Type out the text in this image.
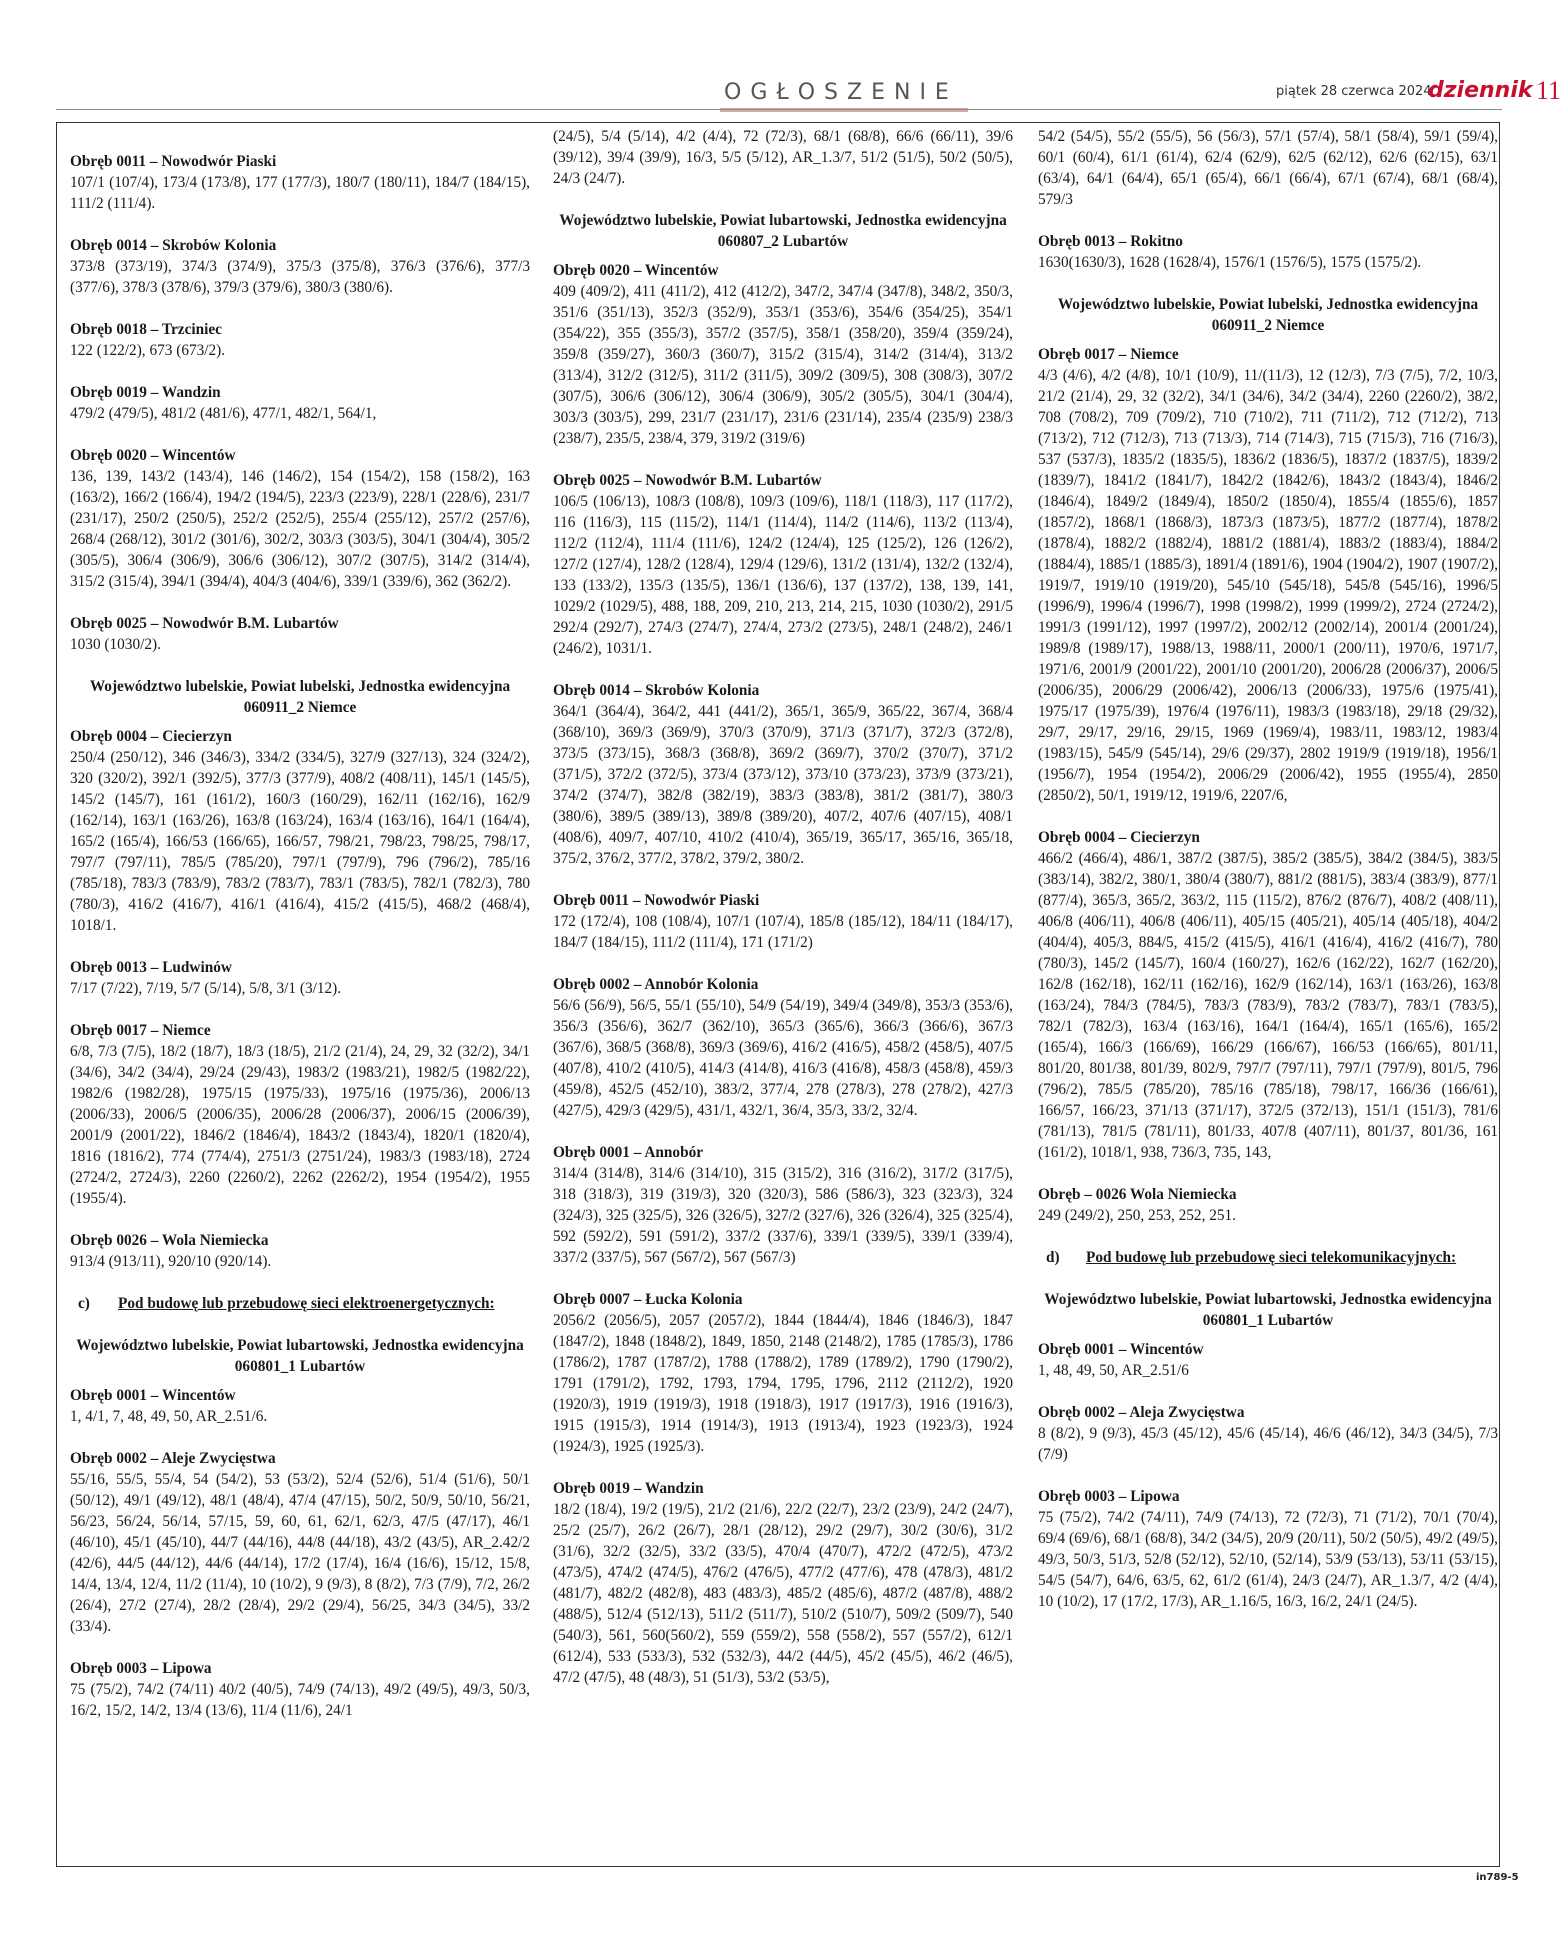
OGŁOSZENIE	piątek 28 czerwca 2024
dziennik 11
Obręb 0011 – Nowodwór Piaski
107/1 (107/4), 173/4 (173/8), 177 (177/3), 180/7 (180/11), 184/7 (184/15), 111/2 (111/4).
Obręb 0014 – Skrobów Kolonia
373/8 (373/19), 374/3 (374/9), 375/3 (375/8), 376/3 (376/6), 377/3 (377/6), 378/3 (378/6), 379/3 (379/6), 380/3 (380/6).
Obręb 0018 – Trzciniec
122 (122/2), 673 (673/2).
Obręb 0019 – Wandzin
479/2 (479/5), 481/2 (481/6), 477/1, 482/1, 564/1,
Obręb 0020 – Wincentów
136, 139, 143/2 (143/4), 146 (146/2), 154 (154/2), 158 (158/2), 163 (163/2), 166/2 (166/4), 194/2 (194/5), 223/3 (223/9), 228/1 (228/6), 231/7 (231/17), 250/2 (250/5), 252/2 (252/5), 255/4 (255/12), 257/2 (257/6), 268/4 (268/12), 301/2 (301/6), 302/2, 303/3 (303/5), 304/1 (304/4), 305/2 (305/5), 306/4 (306/9), 306/6 (306/12), 307/2 (307/5), 314/2 (314/4), 315/2 (315/4), 394/1 (394/4), 404/3 (404/6), 339/1 (339/6), 362 (362/2).
Obręb 0025 – Nowodwór B.M. Lubartów
1030 (1030/2).
Województwo lubelskie, Powiat lubelski, Jednostka ewidencyjna 060911_2 Niemce
Obręb 0004 – Ciecierzyn
250/4 (250/12), 346 (346/3), 334/2 (334/5), 327/9 (327/13), 324 (324/2), 320 (320/2), 392/1 (392/5), 377/3 (377/9), 408/2 (408/11), 145/1 (145/5), 145/2 (145/7), 161 (161/2), 160/3 (160/29), 162/11 (162/16), 162/9 (162/14), 163/1 (163/26), 163/8 (163/24), 163/4 (163/16), 164/1 (164/4), 165/2 (165/4), 166/53 (166/65), 166/57, 798/21, 798/23, 798/25, 798/17, 797/7 (797/11), 785/5 (785/20), 797/1 (797/9), 796 (796/2), 785/16 (785/18), 783/3 (783/9), 783/2 (783/7), 783/1 (783/5), 782/1 (782/3), 780 (780/3), 416/2 (416/7), 416/1 (416/4), 415/2 (415/5), 468/2 (468/4), 1018/1.
Obręb 0013 – Ludwinów
7/17 (7/22), 7/19, 5/7 (5/14), 5/8, 3/1 (3/12).
Obręb 0017 – Niemce
6/8, 7/3 (7/5), 18/2 (18/7), 18/3 (18/5), 21/2 (21/4), 24, 29, 32 (32/2), 34/1 (34/6), 34/2 (34/4), 29/24 (29/43), 1983/2 (1983/21), 1982/5 (1982/22), 1982/6 (1982/28), 1975/15 (1975/33), 1975/16 (1975/36), 2006/13 (2006/33), 2006/5 (2006/35), 2006/28 (2006/37), 2006/15 (2006/39), 2001/9 (2001/22), 1846/2 (1846/4), 1843/2 (1843/4), 1820/1 (1820/4), 1816 (1816/2), 774 (774/4), 2751/3 (2751/24), 1983/3 (1983/18), 2724 (2724/2, 2724/3), 2260 (2260/2), 2262 (2262/2), 1954 (1954/2), 1955 (1955/4).
Obręb 0026 – Wola Niemiecka
913/4 (913/11), 920/10 (920/14).
c)	Pod budowę lub przebudowę sieci elektroenergetycznych:
Województwo lubelskie, Powiat lubartowski, Jednostka ewidencyjna 060801_1 Lubartów
Obręb 0001 – Wincentów
1, 4/1, 7, 48, 49, 50, AR_2.51/6.
Obręb 0002 – Aleje Zwycięstwa
55/16, 55/5, 55/4, 54 (54/2), 53 (53/2), 52/4 (52/6), 51/4 (51/6), 50/1 (50/12), 49/1 (49/12), 48/1 (48/4), 47/4 (47/15), 50/2, 50/9, 50/10, 56/21, 56/23, 56/24, 56/14, 57/15, 59, 60, 61, 62/1, 62/3, 47/5 (47/17), 46/1 (46/10), 45/1 (45/10), 44/7 (44/16), 44/8 (44/18), 43/2 (43/5), AR_2.42/2 (42/6), 44/5 (44/12), 44/6 (44/14), 17/2 (17/4), 16/4 (16/6), 15/12, 15/8, 14/4, 13/4, 12/4, 11/2 (11/4), 10 (10/2), 9 (9/3), 8 (8/2), 7/3 (7/9), 7/2, 26/2 (26/4), 27/2 (27/4), 28/2 (28/4), 29/2 (29/4), 56/25, 34/3 (34/5), 33/2 (33/4).
Obręb 0003 – Lipowa
75 (75/2), 74/2 (74/11) 40/2 (40/5), 74/9 (74/13), 49/2 (49/5), 49/3, 50/3, 16/2, 15/2, 14/2, 13/4 (13/6), 11/4 (11/6), 24/1
(24/5), 5/4 (5/14), 4/2 (4/4), 72 (72/3), 68/1 (68/8), 66/6 (66/11), 39/6 (39/12), 39/4 (39/9), 16/3, 5/5 (5/12), AR_1.3/7, 51/2 (51/5), 50/2 (50/5), 24/3 (24/7).
Województwo lubelskie, Powiat lubartowski, Jednostka ewidencyjna 060807_2 Lubartów
Obręb 0020 – Wincentów
409 (409/2), 411 (411/2), 412 (412/2), 347/2, 347/4 (347/8), 348/2, 350/3, 351/6 (351/13), 352/3 (352/9), 353/1 (353/6), 354/6 (354/25), 354/1 (354/22), 355 (355/3), 357/2 (357/5), 358/1 (358/20), 359/4 (359/24), 359/8 (359/27), 360/3 (360/7), 315/2 (315/4), 314/2 (314/4), 313/2 (313/4), 312/2 (312/5), 311/2 (311/5), 309/2 (309/5), 308 (308/3), 307/2 (307/5), 306/6 (306/12), 306/4 (306/9), 305/2 (305/5), 304/1 (304/4), 303/3 (303/5), 299, 231/7 (231/17), 231/6 (231/14), 235/4 (235/9) 238/3 (238/7), 235/5, 238/4, 379, 319/2 (319/6)
Obręb 0025 – Nowodwór B.M. Lubartów
106/5 (106/13), 108/3 (108/8), 109/3 (109/6), 118/1 (118/3), 117 (117/2), 116 (116/3), 115 (115/2), 114/1 (114/4), 114/2 (114/6), 113/2 (113/4), 112/2 (112/4), 111/4 (111/6), 124/2 (124/4), 125 (125/2), 126 (126/2), 127/2 (127/4), 128/2 (128/4), 129/4 (129/6), 131/2 (131/4), 132/2 (132/4), 133 (133/2), 135/3 (135/5), 136/1 (136/6), 137 (137/2), 138, 139, 141, 1029/2 (1029/5), 488, 188, 209, 210, 213, 214, 215, 1030 (1030/2), 291/5 292/4 (292/7), 274/3 (274/7), 274/4, 273/2 (273/5), 248/1 (248/2), 246/1 (246/2), 1031/1.
Obręb 0014 – Skrobów Kolonia
364/1 (364/4), 364/2, 441 (441/2), 365/1, 365/9, 365/22, 367/4, 368/4 (368/10), 369/3 (369/9), 370/3 (370/9), 371/3 (371/7), 372/3 (372/8), 373/5 (373/15), 368/3 (368/8), 369/2 (369/7), 370/2 (370/7), 371/2 (371/5), 372/2 (372/5), 373/4 (373/12), 373/10 (373/23), 373/9 (373/21), 374/2 (374/7), 382/8 (382/19), 383/3 (383/8), 381/2 (381/7), 380/3 (380/6), 389/5 (389/13), 389/8 (389/20), 407/2, 407/6 (407/15), 408/1 (408/6), 409/7, 407/10, 410/2 (410/4), 365/19, 365/17, 365/16, 365/18, 375/2, 376/2, 377/2, 378/2, 379/2, 380/2.
Obręb 0011 – Nowodwór Piaski
172 (172/4), 108 (108/4), 107/1 (107/4), 185/8 (185/12), 184/11 (184/17), 184/7 (184/15), 111/2 (111/4), 171 (171/2)
Obręb 0002 – Annobór Kolonia
56/6 (56/9), 56/5, 55/1 (55/10), 54/9 (54/19), 349/4 (349/8), 353/3 (353/6), 356/3 (356/6), 362/7 (362/10), 365/3 (365/6), 366/3 (366/6), 367/3 (367/6), 368/5 (368/8), 369/3 (369/6), 416/2 (416/5), 458/2 (458/5), 407/5 (407/8), 410/2 (410/5), 414/3 (414/8), 416/3 (416/8), 458/3 (458/8), 459/3 (459/8), 452/5 (452/10), 383/2, 377/4, 278 (278/3), 278 (278/2), 427/3 (427/5), 429/3 (429/5), 431/1, 432/1, 36/4, 35/3, 33/2, 32/4.
Obręb 0001 – Annobór
314/4 (314/8), 314/6 (314/10), 315 (315/2), 316 (316/2), 317/2 (317/5), 318 (318/3), 319 (319/3), 320 (320/3), 586 (586/3), 323 (323/3), 324 (324/3), 325 (325/5), 326 (326/5), 327/2 (327/6), 326 (326/4), 325 (325/4), 592 (592/2), 591 (591/2), 337/2 (337/6), 339/1 (339/5), 339/1 (339/4), 337/2 (337/5), 567 (567/2), 567 (567/3)
Obręb 0007 – Łucka Kolonia
2056/2 (2056/5), 2057 (2057/2), 1844 (1844/4), 1846 (1846/3), 1847 (1847/2), 1848 (1848/2), 1849, 1850, 2148 (2148/2), 1785 (1785/3), 1786 (1786/2), 1787 (1787/2), 1788 (1788/2), 1789 (1789/2), 1790 (1790/2), 1791 (1791/2), 1792, 1793, 1794, 1795, 1796, 2112 (2112/2), 1920 (1920/3), 1919 (1919/3), 1918 (1918/3), 1917 (1917/3), 1916 (1916/3), 1915 (1915/3), 1914 (1914/3), 1913 (1913/4), 1923 (1923/3), 1924 (1924/3), 1925 (1925/3).
Obręb 0019 – Wandzin
18/2 (18/4), 19/2 (19/5), 21/2 (21/6), 22/2 (22/7), 23/2 (23/9), 24/2 (24/7), 25/2 (25/7), 26/2 (26/7), 28/1 (28/12), 29/2 (29/7), 30/2 (30/6), 31/2 (31/6), 32/2 (32/5), 33/2 (33/5), 470/4 (470/7), 472/2 (472/5), 473/2 (473/5), 474/2 (474/5), 476/2 (476/5), 477/2 (477/6), 478 (478/3), 481/2 (481/7), 482/2 (482/8), 483 (483/3), 485/2 (485/6), 487/2 (487/8), 488/2 (488/5), 512/4 (512/13), 511/2 (511/7), 510/2 (510/7), 509/2 (509/7), 540 (540/3), 561, 560(560/2), 559 (559/2), 558 (558/2), 557 (557/2), 612/1 (612/4), 533 (533/3), 532 (532/3), 44/2 (44/5), 45/2 (45/5), 46/2 (46/5), 47/2 (47/5), 48 (48/3), 51 (51/3), 53/2 (53/5),
54/2 (54/5), 55/2 (55/5), 56 (56/3), 57/1 (57/4), 58/1 (58/4), 59/1 (59/4), 60/1 (60/4), 61/1 (61/4), 62/4 (62/9), 62/5 (62/12), 62/6 (62/15), 63/1 (63/4), 64/1 (64/4), 65/1 (65/4), 66/1 (66/4), 67/1 (67/4), 68/1 (68/4), 579/3
Obręb 0013 – Rokitno
1630(1630/3), 1628 (1628/4), 1576/1 (1576/5), 1575 (1575/2).
Województwo lubelskie, Powiat lubelski, Jednostka ewidencyjna 060911_2 Niemce
Obręb 0017 – Niemce
4/3 (4/6), 4/2 (4/8), 10/1 (10/9), 11/(11/3), 12 (12/3), 7/3 (7/5), 7/2, 10/3, 21/2 (21/4), 29, 32 (32/2), 34/1 (34/6), 34/2 (34/4), 2260 (2260/2), 38/2, 708 (708/2), 709 (709/2), 710 (710/2), 711 (711/2), 712 (712/2), 713 (713/2), 712 (712/3), 713 (713/3), 714 (714/3), 715 (715/3), 716 (716/3), 537 (537/3), 1835/2 (1835/5), 1836/2 (1836/5), 1837/2 (1837/5), 1839/2 (1839/7), 1841/2 (1841/7), 1842/2 (1842/6), 1843/2 (1843/4), 1846/2 (1846/4), 1849/2 (1849/4), 1850/2 (1850/4), 1855/4 (1855/6), 1857 (1857/2), 1868/1 (1868/3), 1873/3 (1873/5), 1877/2 (1877/4), 1878/2 (1878/4), 1882/2 (1882/4), 1881/2 (1881/4), 1883/2 (1883/4), 1884/2 (1884/4), 1885/1 (1885/3), 1891/4 (1891/6), 1904 (1904/2), 1907 (1907/2), 1919/7, 1919/10 (1919/20), 545/10 (545/18), 545/8 (545/16), 1996/5 (1996/9), 1996/4 (1996/7), 1998 (1998/2), 1999 (1999/2), 2724 (2724/2), 1991/3 (1991/12), 1997 (1997/2), 2002/12 (2002/14), 2001/4 (2001/24), 1989/8 (1989/17), 1988/13, 1988/11, 2000/1 (200/11), 1970/6, 1971/7, 1971/6, 2001/9 (2001/22), 2001/10 (2001/20), 2006/28 (2006/37), 2006/5 (2006/35), 2006/29 (2006/42), 2006/13 (2006/33), 1975/6 (1975/41), 1975/17 (1975/39), 1976/4 (1976/11), 1983/3 (1983/18), 29/18 (29/32), 29/7, 29/17, 29/16, 29/15, 1969 (1969/4), 1983/11, 1983/12, 1983/4 (1983/15), 545/9 (545/14), 29/6 (29/37), 2802 1919/9 (1919/18), 1956/1 (1956/7), 1954 (1954/2), 2006/29 (2006/42), 1955 (1955/4), 2850 (2850/2), 50/1, 1919/12, 1919/6, 2207/6,
Obręb 0004 – Ciecierzyn
466/2 (466/4), 486/1, 387/2 (387/5), 385/2 (385/5), 384/2 (384/5), 383/5 (383/14), 382/2, 380/1, 380/4 (380/7), 881/2 (881/5), 383/4 (383/9), 877/1 (877/4), 365/3, 365/2, 363/2, 115 (115/2), 876/2 (876/7), 408/2 (408/11), 406/8 (406/11), 406/8 (406/11), 405/15 (405/21), 405/14 (405/18), 404/2 (404/4), 405/3, 884/5, 415/2 (415/5), 416/1 (416/4), 416/2 (416/7), 780 (780/3), 145/2 (145/7), 160/4 (160/27), 162/6 (162/22), 162/7 (162/20), 162/8 (162/18), 162/11 (162/16), 162/9 (162/14), 163/1 (163/26), 163/8 (163/24), 784/3 (784/5), 783/3 (783/9), 783/2 (783/7), 783/1 (783/5), 782/1 (782/3), 163/4 (163/16), 164/1 (164/4), 165/1 (165/6), 165/2 (165/4), 166/3 (166/69), 166/29 (166/67), 166/53 (166/65), 801/11, 801/20, 801/38, 801/39, 802/9, 797/7 (797/11), 797/1 (797/9), 801/5, 796 (796/2), 785/5 (785/20), 785/16 (785/18), 798/17, 166/36 (166/61), 166/57, 166/23, 371/13 (371/17), 372/5 (372/13), 151/1 (151/3), 781/6 (781/13), 781/5 (781/11), 801/33, 407/8 (407/11), 801/37, 801/36, 161 (161/2), 1018/1, 938, 736/3, 735, 143,
Obręb – 0026 Wola Niemiecka
249 (249/2), 250, 253, 252, 251.
d)	Pod budowę lub przebudowę sieci telekomunikacyjnych:
Województwo lubelskie, Powiat lubartowski, Jednostka ewidencyjna 060801_1 Lubartów
Obręb 0001 – Wincentów
1, 48, 49, 50, AR_2.51/6
Obręb 0002 – Aleja Zwycięstwa
8 (8/2), 9 (9/3), 45/3 (45/12), 45/6 (45/14), 46/6 (46/12), 34/3 (34/5), 7/3 (7/9)
Obręb 0003 – Lipowa
75 (75/2), 74/2 (74/11), 74/9 (74/13), 72 (72/3), 71 (71/2), 70/1 (70/4), 69/4 (69/6), 68/1 (68/8), 34/2 (34/5), 20/9 (20/11), 50/2 (50/5), 49/2 (49/5), 49/3, 50/3, 51/3, 52/8 (52/12), 52/10, (52/14), 53/9 (53/13), 53/11 (53/15), 54/5 (54/7), 64/6, 63/5, 62, 61/2 (61/4), 24/3 (24/7), AR_1.3/7, 4/2 (4/4), 10 (10/2), 17 (17/2, 17/3), AR_1.16/5, 16/3, 16/2, 24/1 (24/5).
in789-5
